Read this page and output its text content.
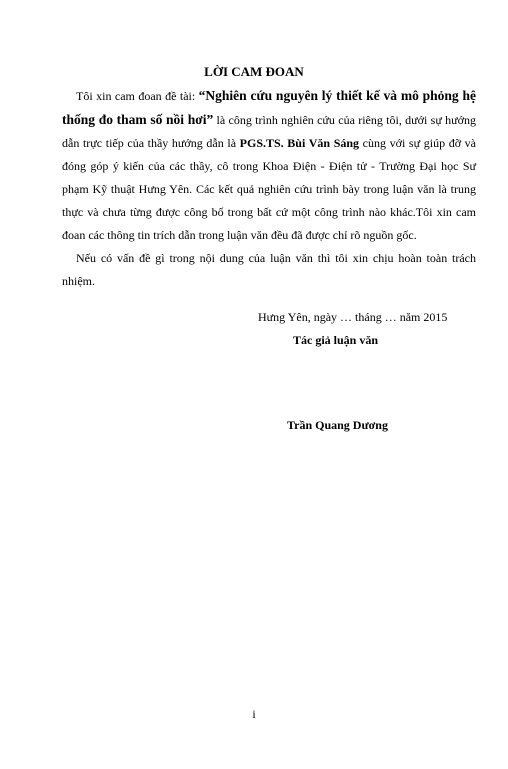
LỜI CAM ĐOAN

Tôi xin cam đoan đề tài: “Nghiên cứu nguyên lý thiết kế và mô phỏng hệ thống đo tham số nồi hơi” là công trình nghiên cứu của riêng tôi, dưới sự hướng dẫn trực tiếp của thầy hướng dẫn là PGS.TS. Bùi Văn Sáng cùng với sự giúp đỡ và đóng góp ý kiến của các thầy, cô trong Khoa Điện - Điện tử - Trường Đại học Sư phạm Kỹ thuật Hưng Yên. Các kết quả nghiên cứu trình bày trong luận văn là trung thực và chưa từng được công bố trong bất cứ một công trình nào khác.Tôi xin cam đoan các thông tin trích dẫn trong luận văn đều đã được chỉ rõ nguồn gốc.

Nếu có vấn đề gì trong nội dung của luận văn thì tôi xin chịu hoàn toàn trách nhiệm.

Hưng Yên, ngày … tháng … năm 2015
Tác giả luận văn
Trần Quang Dương
i
